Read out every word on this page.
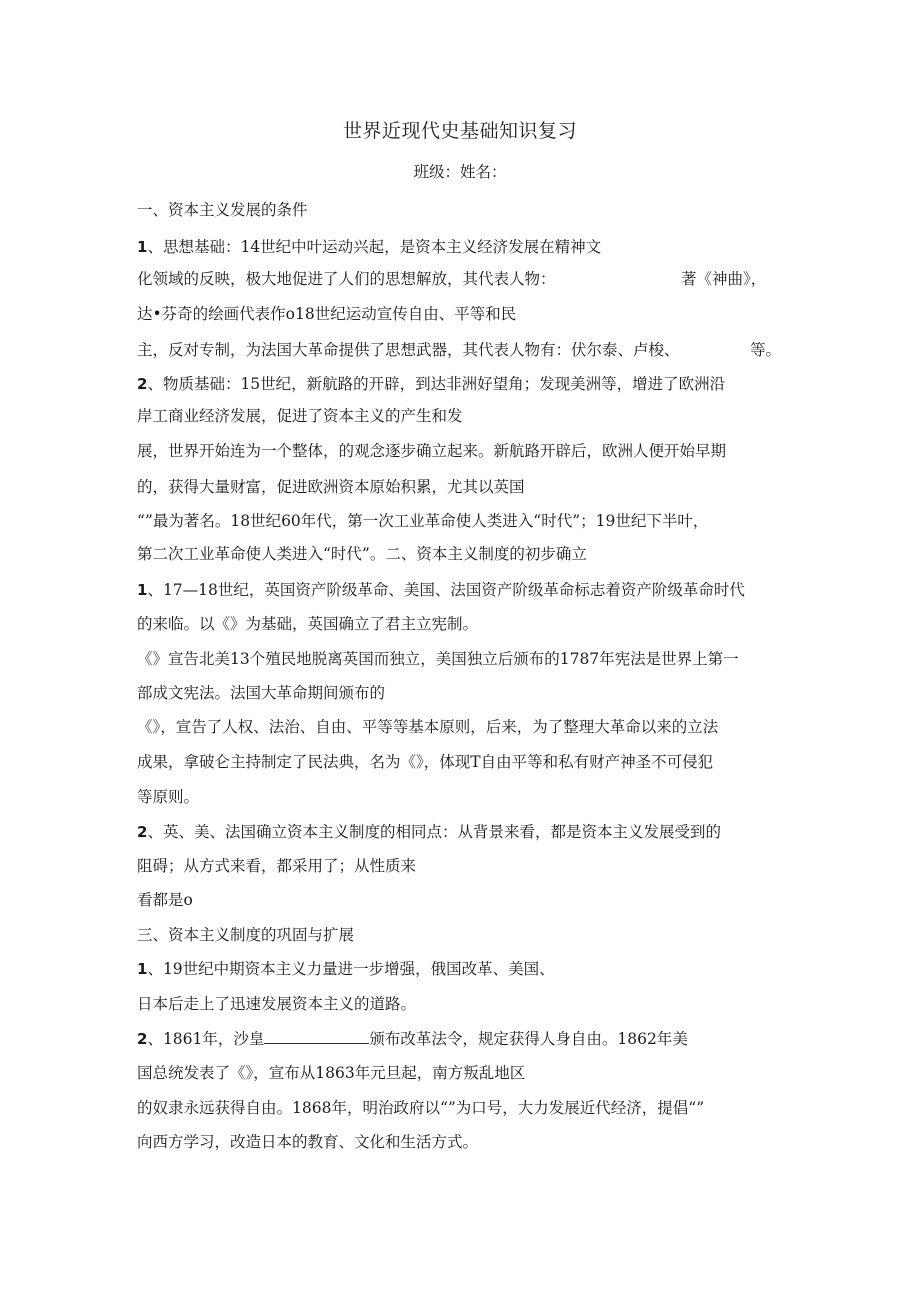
世界近现代史基础知识复习
班级：姓名：
一、资本主义发展的条件
1、思想基础：14世纪中叶运动兴起，是资本主义经济发展在精神文
化领域的反映，极大地促进了人们的思想解放，其代表人物：	著《神曲》，
达•芬奇的绘画代表作o18世纪运动宣传自由、平等和民
主，反对专制，为法国大革命提供了思想武器，其代表人物有：伏尔泰、卢梭、	等。
2、物质基础：15世纪，新航路的开辟，到达非洲好望角；发现美洲等，增进了欧洲沿
岸工商业经济发展，促进了资本主义的产生和发
展，世界开始连为一个整体，的观念逐步确立起来。新航路开辟后，欧洲人便开始早期
的，获得大量财富，促进欧洲资本原始积累，尤其以英国
“”最为著名。18世纪60年代，第一次工业革命使人类进入“时代”；19世纪下半叶，
第二次工业革命使人类进入“时代”。二、资本主义制度的初步确立
1、17—18世纪，英国资产阶级革命、美国、法国资产阶级革命标志着资产阶级革命时代
的来临。以《》为基础，英国确立了君主立宪制。
《》宣告北美13个殖民地脱离英国而独立，美国独立后颁布的1787年宪法是世界上第一
部成文宪法。法国大革命期间颁布的
《》，宣告了人权、法治、自由、平等等基本原则，后来，为了整理大革命以来的立法
成果，拿破仑主持制定了民法典，名为《》，体现T自由平等和私有财产神圣不可侵犯
等原则。
2、英、美、法国确立资本主义制度的相同点：从背景来看，都是资本主义发展受到的
阻碍；从方式来看，都采用了；从性质来
看都是o
三、资本主义制度的巩固与扩展
1、19世纪中期资本主义力量进一步增强，俄国改革、美国、
日本后走上了迅速发展资本主义的道路。
2、1861年，沙皇	颁布改革法令，规定获得人身自由。1862年美
国总统发表了《》，宣布从1863年元旦起，南方叛乱地区
的奴隶永远获得自由。1868年，明治政府以“”为口号，大力发展近代经济，提倡“”
向西方学习，改造日本的教育、文化和生活方式。
